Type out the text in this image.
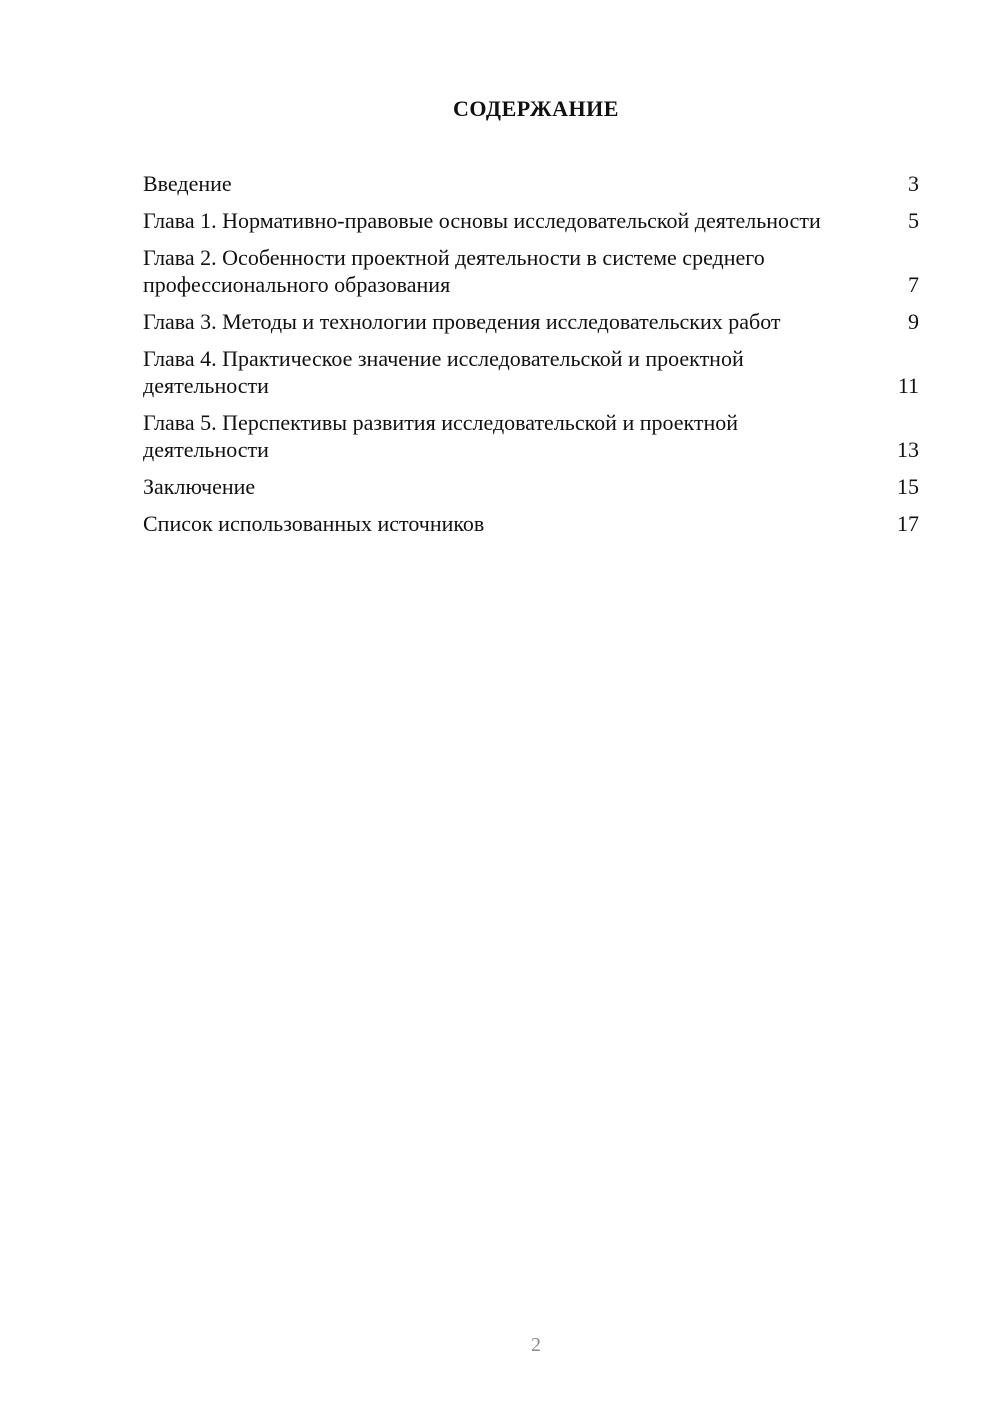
СОДЕРЖАНИЕ
Введение	3
Глава 1. Нормативно-правовые основы исследовательской деятельности	5
Глава 2. Особенности проектной деятельности в системе среднего профессионального образования	7
Глава 3. Методы и технологии проведения исследовательских работ	9
Глава 4. Практическое значение исследовательской и проектной деятельности	11
Глава 5. Перспективы развития исследовательской и проектной деятельности	13
Заключение	15
Список использованных источников	17
2
